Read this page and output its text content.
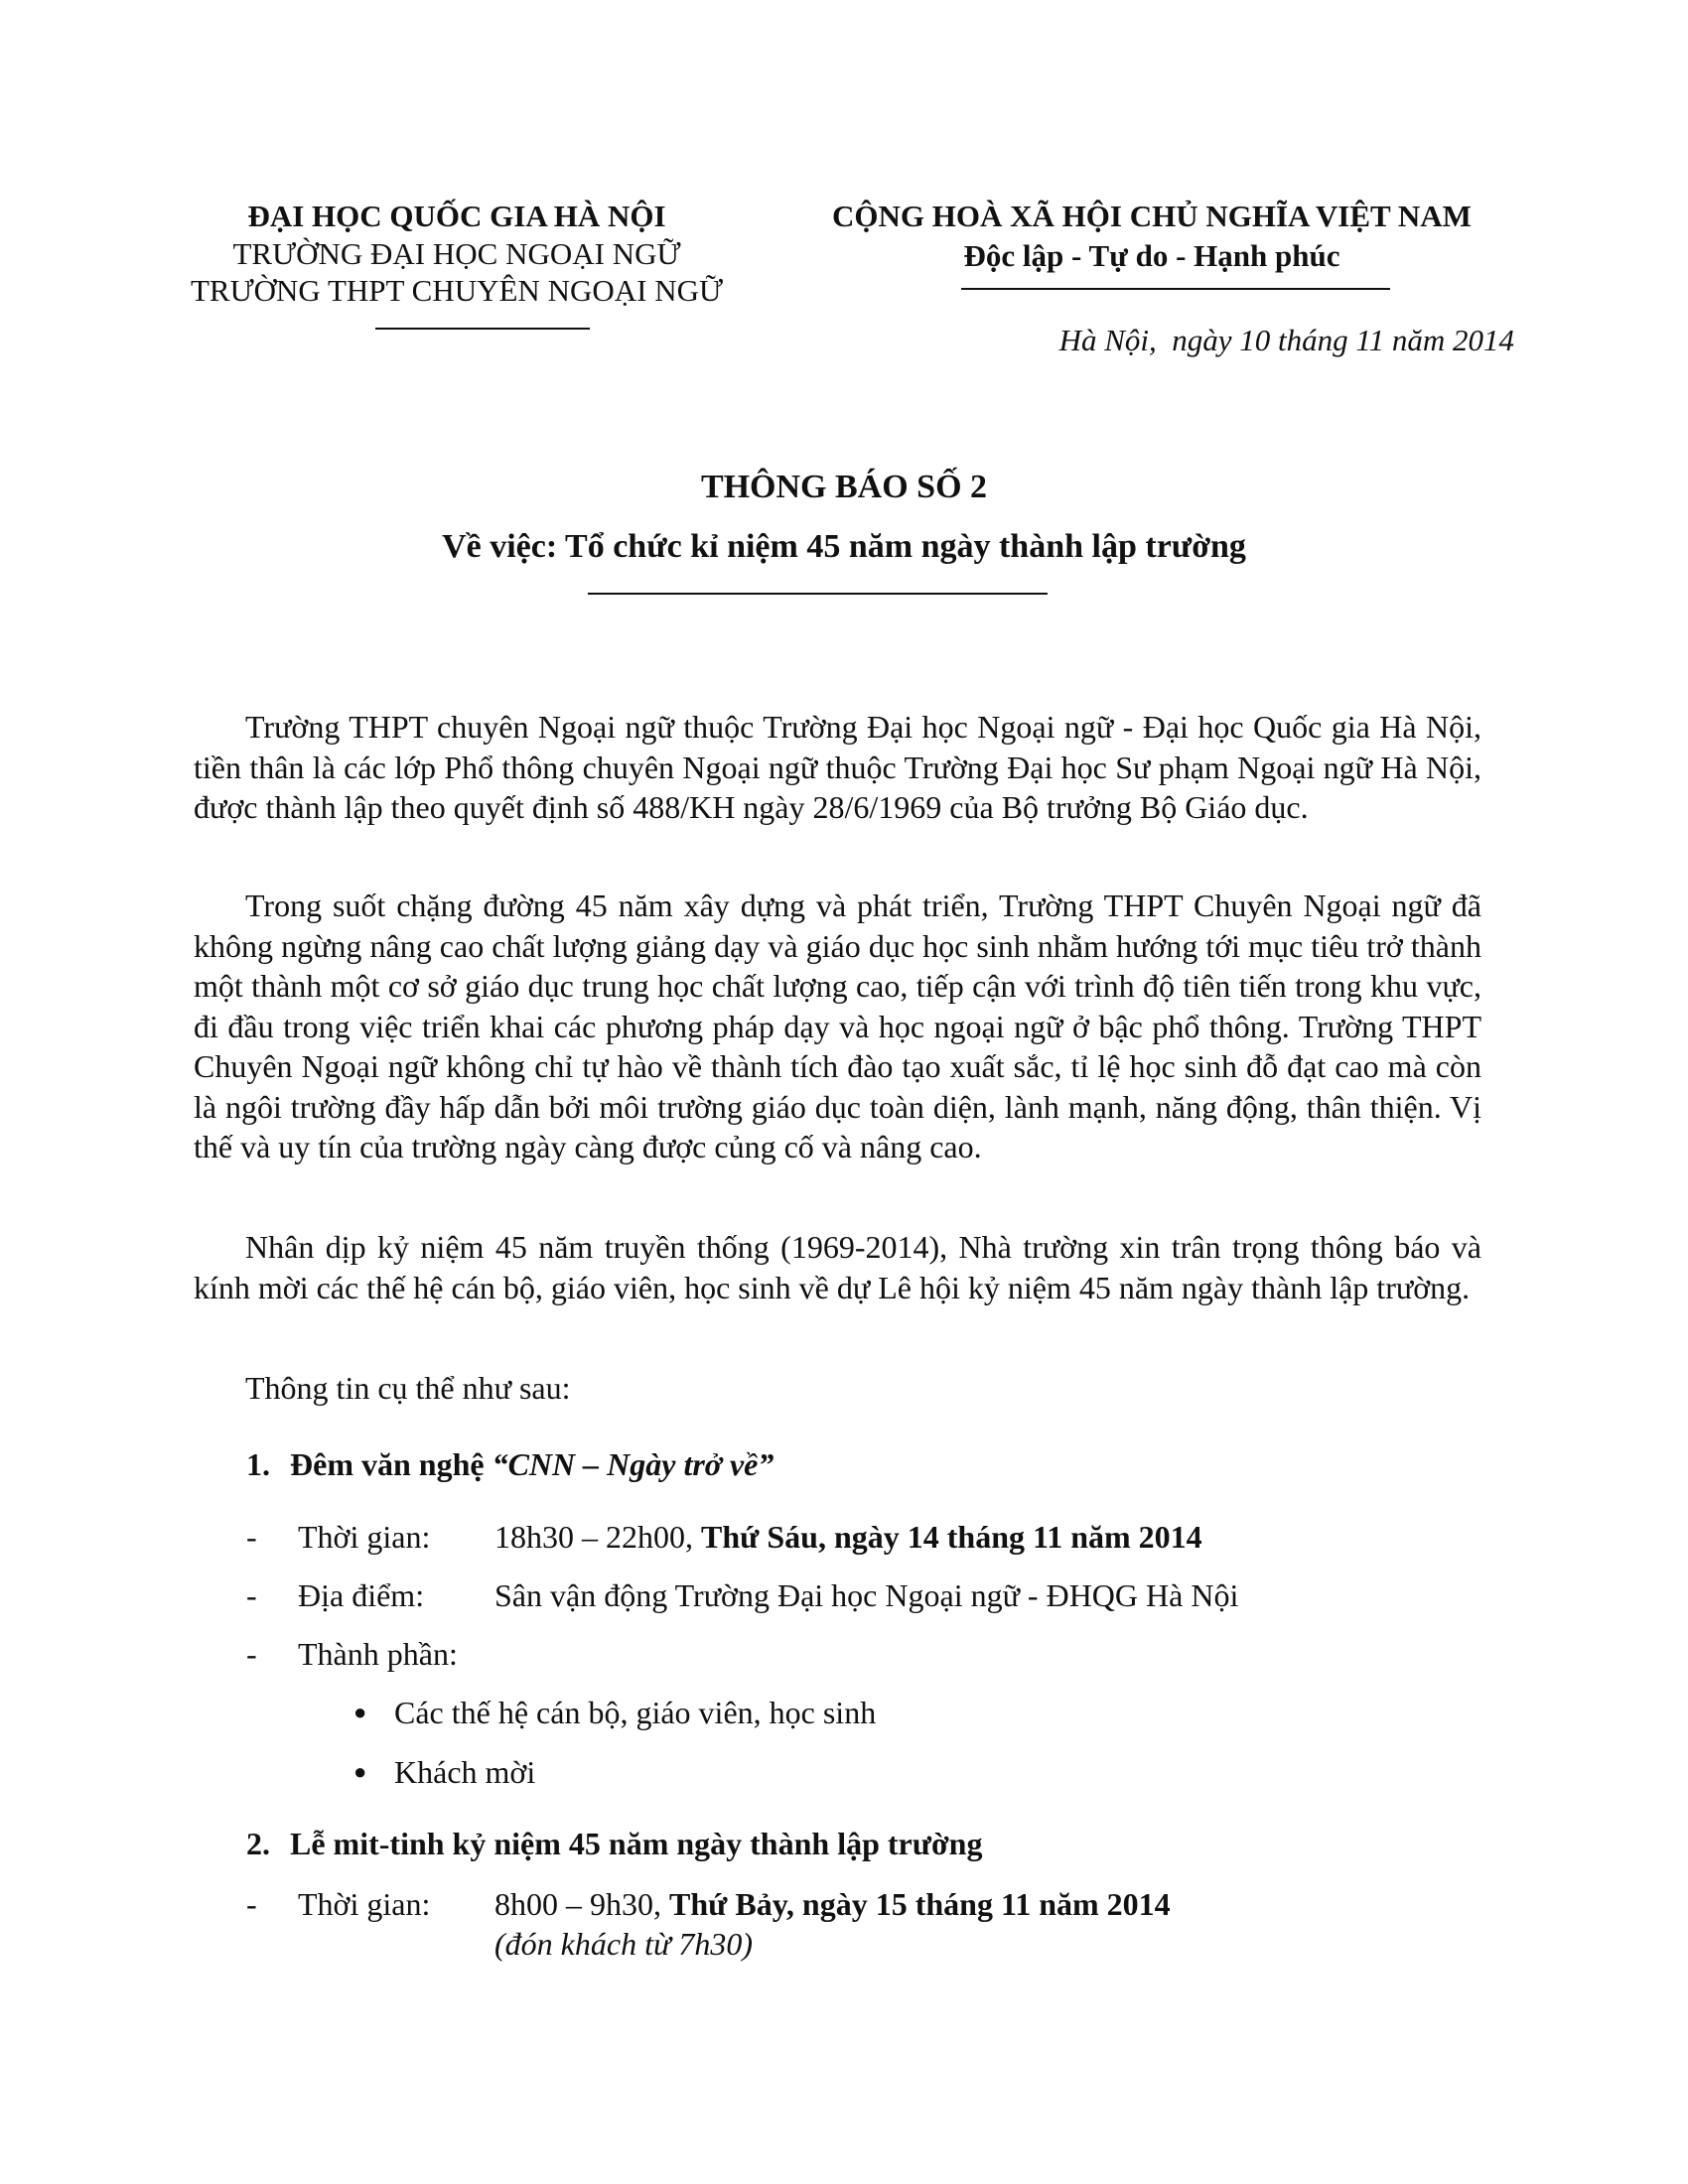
ĐẠI HỌC QUỐC GIA HÀ NỘI
TRƯỜNG ĐẠI HỌC NGOẠI NGỮ
TRƯỜNG THPT CHUYÊN NGOẠI NGỮ
CỘNG HOÀ XÃ HỘI CHỦ NGHĨA VIỆT NAM
Độc lập - Tự do - Hạnh phúc
Hà Nội,  ngày 10 tháng 11 năm 2014
THÔNG BÁO SỐ 2
Về việc: Tổ chức kỉ niệm 45 năm ngày thành lập trường
Trường THPT chuyên Ngoại ngữ thuộc Trường Đại học Ngoại ngữ - Đại học Quốc gia Hà Nội, tiền thân là các lớp Phổ thông chuyên Ngoại ngữ thuộc Trường Đại học Sư phạm Ngoại ngữ Hà Nội, được thành lập theo quyết định số 488/KH ngày 28/6/1969 của Bộ trưởng Bộ Giáo dục.
Trong suốt chặng đường 45 năm xây dựng và phát triển, Trường THPT Chuyên Ngoại ngữ đã không ngừng nâng cao chất lượng giảng dạy và giáo dục học sinh nhằm hướng tới mục tiêu trở thành một thành một cơ sở giáo dục trung học chất lượng cao, tiếp cận với trình độ tiên tiến trong khu vực, đi đầu trong việc triển khai các phương pháp dạy và học ngoại ngữ ở bậc phổ thông. Trường THPT Chuyên Ngoại ngữ không chỉ tự hào về thành tích đào tạo xuất sắc, tỉ lệ học sinh đỗ đạt cao mà còn là ngôi trường đầy hấp dẫn bởi môi trường giáo dục toàn diện, lành mạnh, năng động, thân thiện. Vị thế và uy tín của trường ngày càng được củng cố và nâng cao.
Nhân dịp kỷ niệm 45 năm truyền thống (1969-2014), Nhà trường xin trân trọng thông báo và kính mời các thế hệ cán bộ, giáo viên, học sinh về dự Lê hội kỷ niệm 45 năm ngày thành lập trường.
Thông tin cụ thể như sau:
1. Đêm văn nghệ “CNN – Ngày trở về”
- Thời gian: 18h30 – 22h00, Thứ Sáu, ngày 14 tháng 11 năm 2014
- Địa điểm: Sân vận động Trường Đại học Ngoại ngữ - ĐHQG Hà Nội
- Thành phần:
● Các thế hệ cán bộ, giáo viên, học sinh
● Khách mời
2. Lễ mit-tinh kỷ niệm 45 năm ngày thành lập trường
- Thời gian: 8h00 – 9h30, Thứ Bảy, ngày 15 tháng 11 năm 2014
(đón khách từ 7h30)
